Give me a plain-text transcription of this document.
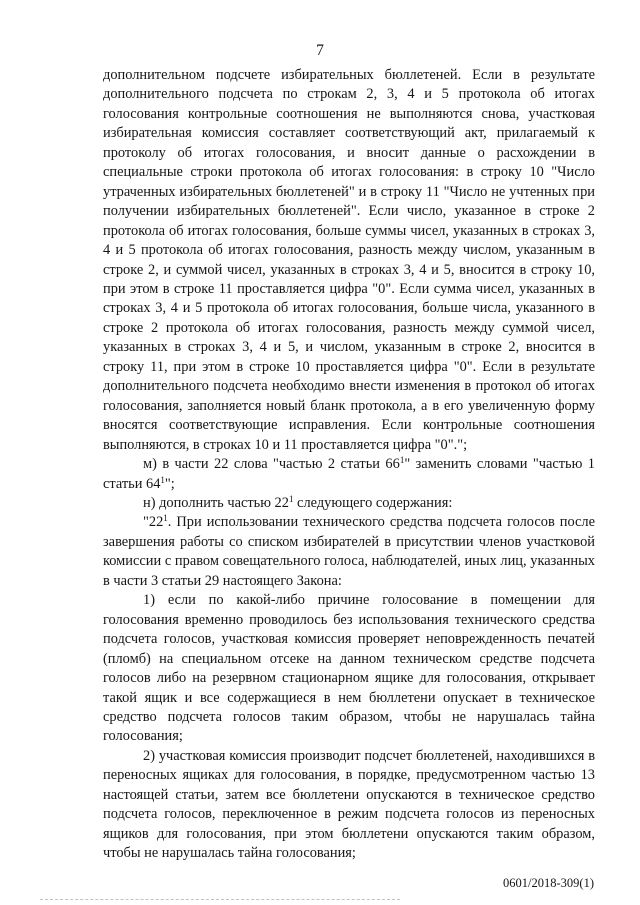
7

дополнительном подсчете избирательных бюллетеней. Если в результате дополнительного подсчета по строкам 2, 3, 4 и 5 протокола об итогах голосования контрольные соотношения не выполняются снова, участковая избирательная комиссия составляет соответствующий акт, прилагаемый к протоколу об итогах голосования, и вносит данные о расхождении в специальные строки протокола об итогах голосования: в строку 10 "Число утраченных избирательных бюллетеней" и в строку 11 "Число не учтенных при получении избирательных бюллетеней". Если число, указанное в строке 2 протокола об итогах голосования, больше суммы чисел, указанных в строках 3, 4 и 5 протокола об итогах голосования, разность между числом, указанным в строке 2, и суммой чисел, указанных в строках 3, 4 и 5, вносится в строку 10, при этом в строке 11 проставляется цифра "0". Если сумма чисел, указанных в строках 3, 4 и 5 протокола об итогах голосования, больше числа, указанного в строке 2 протокола об итогах голосования, разность между суммой чисел, указанных в строках 3, 4 и 5, и числом, указанным в строке 2, вносится в строку 11, при этом в строке 10 проставляется цифра "0". Если в результате дополнительного подсчета необходимо внести изменения в протокол об итогах голосования, заполняется новый бланк протокола, а в его увеличенную форму вносятся соответствующие исправления. Если контрольные соотношения выполняются, в строках 10 и 11 проставляется цифра "0".";

м) в части 22 слова "частью 2 статьи $66^1$" заменить словами "частью 1 статьи $64^1$";

н) дополнить частью $22^1$ следующего содержания:

"$22^1$. При использовании технического средства подсчета голосов после завершения работы со списком избирателей в присутствии членов участковой комиссии с правом совещательного голоса, наблюдателей, иных лиц, указанных в части 3 статьи 29 настоящего Закона:

1) если по какой-либо причине голосование в помещении для голосования временно проводилось без использования технического средства подсчета голосов, участковая комиссия проверяет неповрежденность печатей (пломб) на специальном отсеке на данном техническом средстве подсчета голосов либо на резервном стационарном ящике для голосования, открывает такой ящик и все содержащиеся в нем бюллетени опускает в техническое средство подсчета голосов таким образом, чтобы не нарушалась тайна голосования;

2) участковая комиссия производит подсчет бюллетеней, находившихся в переносных ящиках для голосования, в порядке, предусмотренном частью 13 настоящей статьи, затем все бюллетени опускаются в техническое средство подсчета голосов, переключенное в режим подсчета голосов из переносных ящиков для голосования, при этом бюллетени опускаются таким образом, чтобы не нарушалась тайна голосования;

0601/2018-309(1)
